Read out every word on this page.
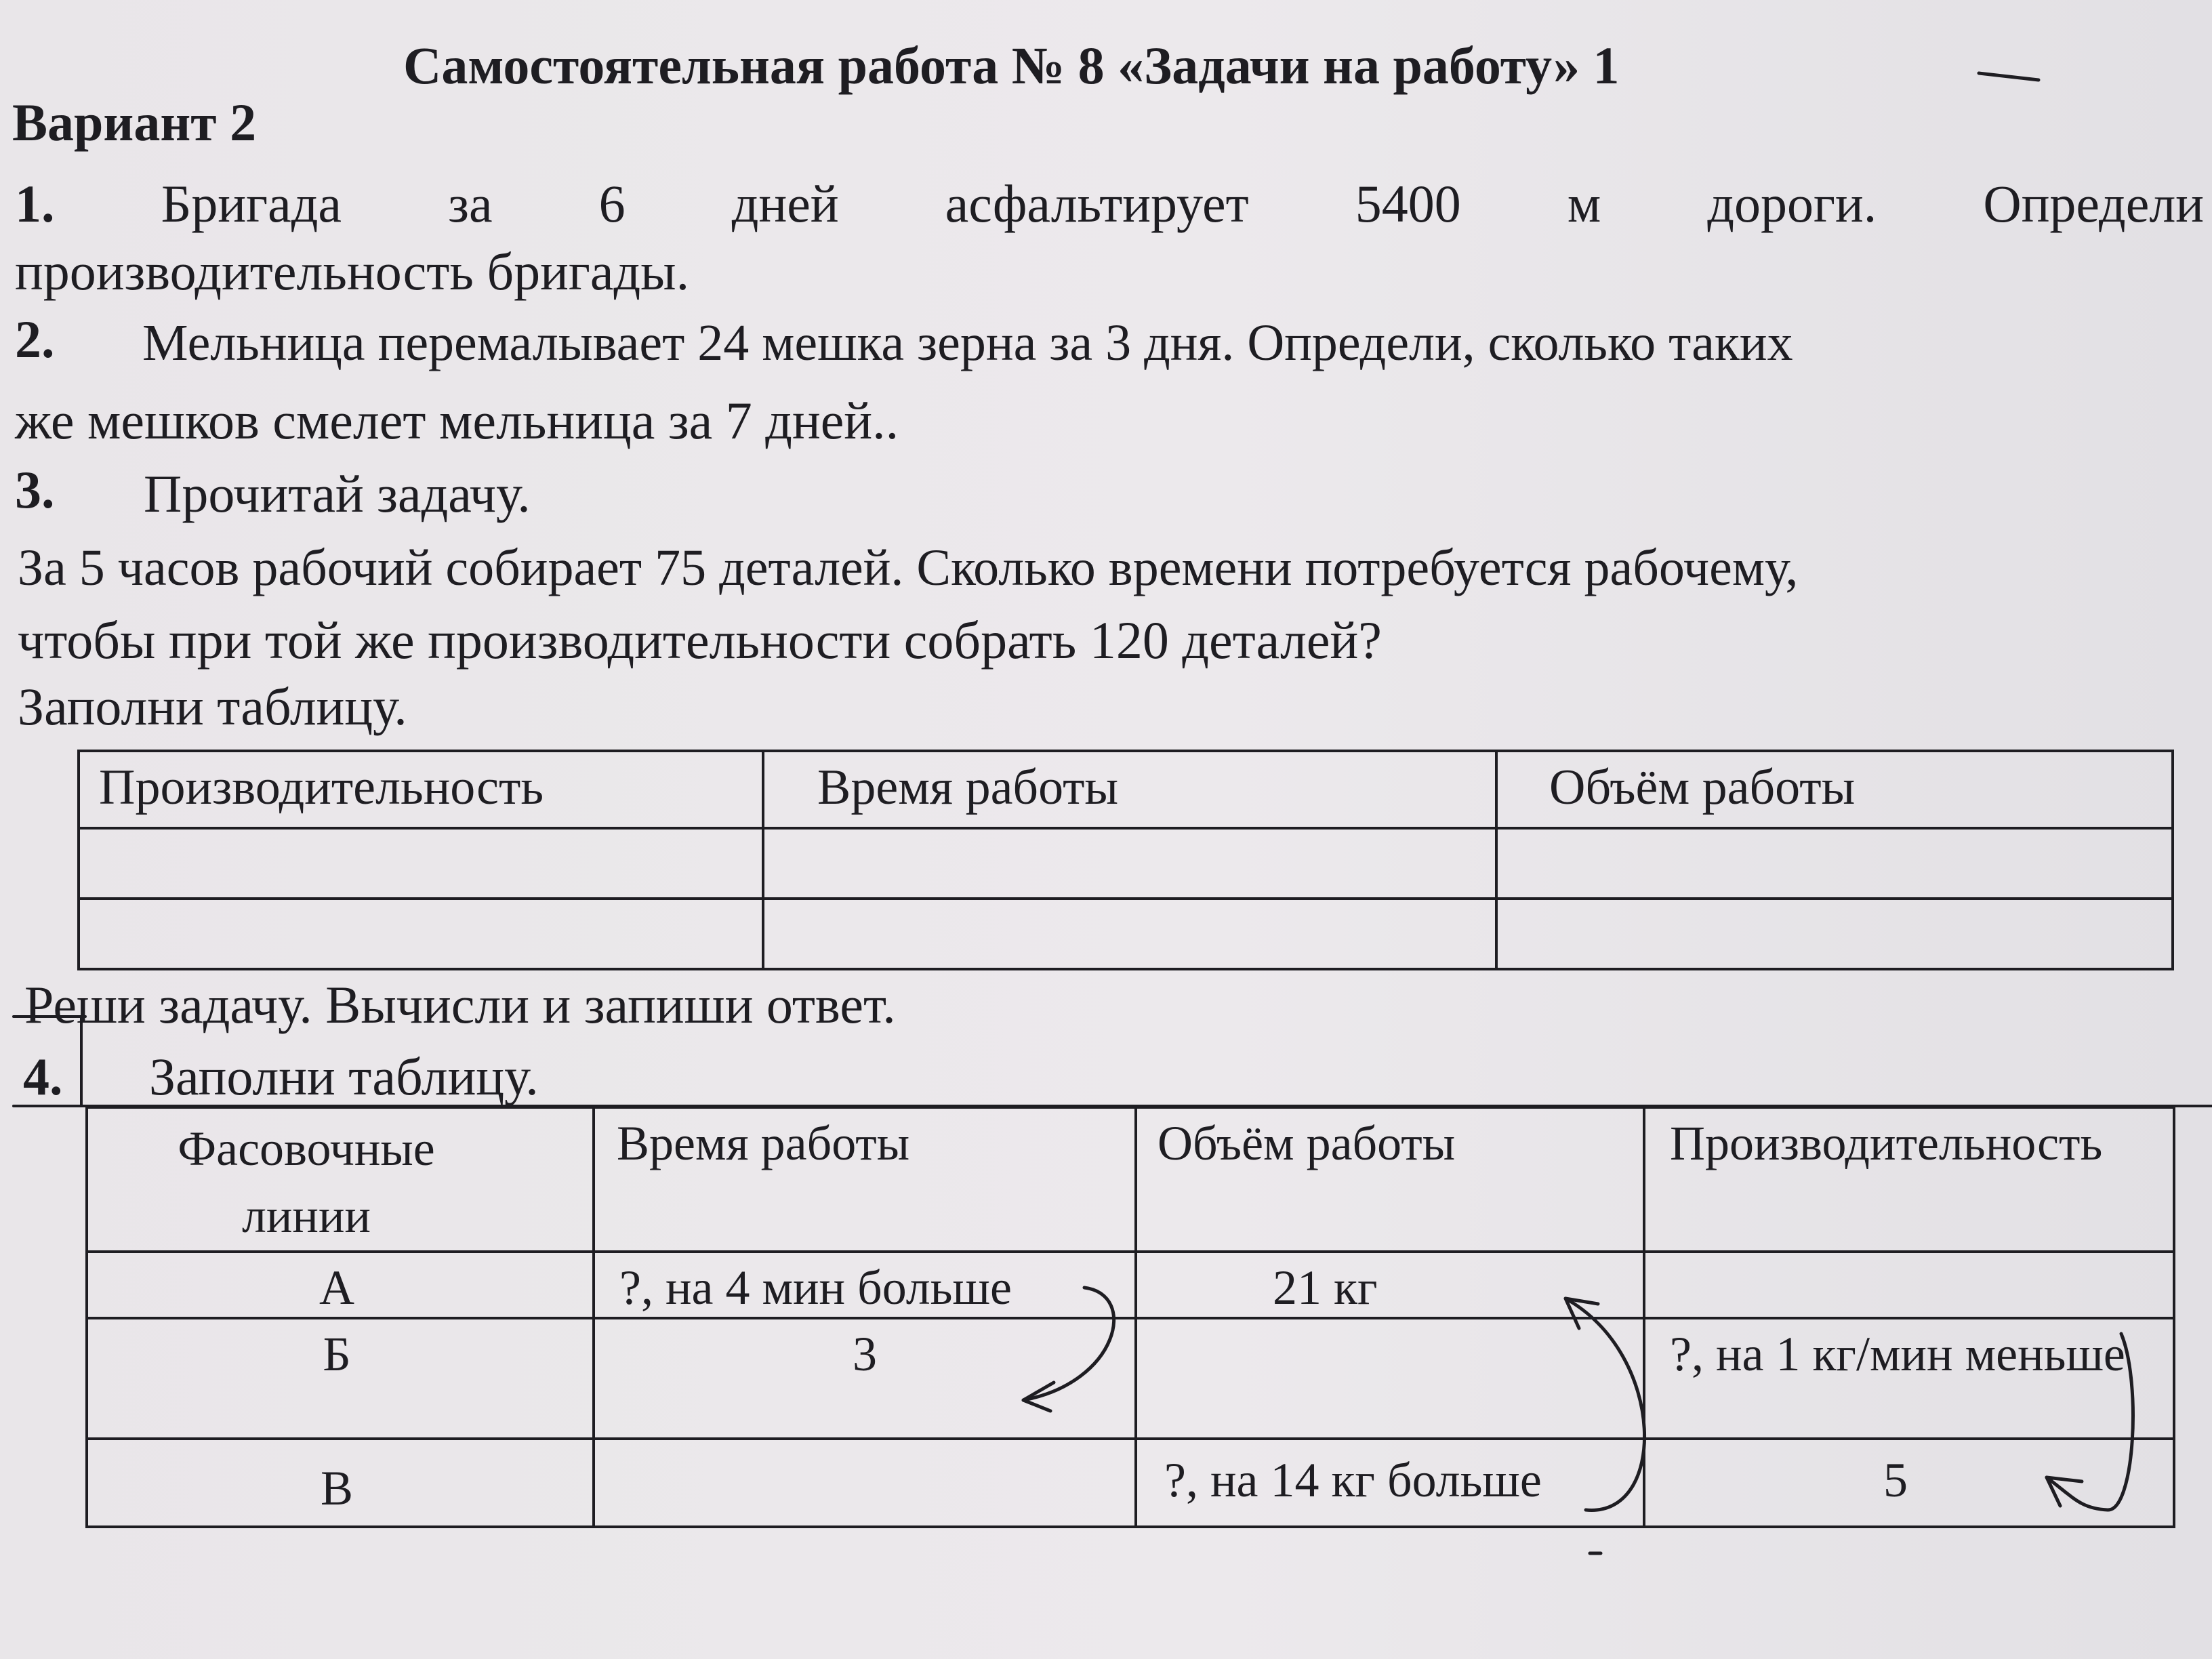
Самостоятельная работа № 8 «Задачи на работу» 1
Вариант 2
1. Бригада за 6 дней асфальтирует 5400 м дороги. Определи
производительность бригады.
2. Мельница перемалывает 24 мешка зерна за 3 дня. Определи, сколько таких
же мешков смелет мельница за 7 дней..
3. Прочитай задачу.
За 5 часов рабочий собирает 75 деталей. Сколько времени потребуется рабочему,
чтобы при той же производительности собрать 120 деталей?
Заполни таблицу.
Производительность	Время работы	Объём работы

Реши задачу. Вычисли и запиши ответ.
4. Заполни таблицу.
Фасовочные линии	Время работы	Объём работы	Производительность
А	?, на 4 мин больше	21 кг	
Б	3		?, на 1 кг/мин меньше
В		?, на 14 кг больше	5
